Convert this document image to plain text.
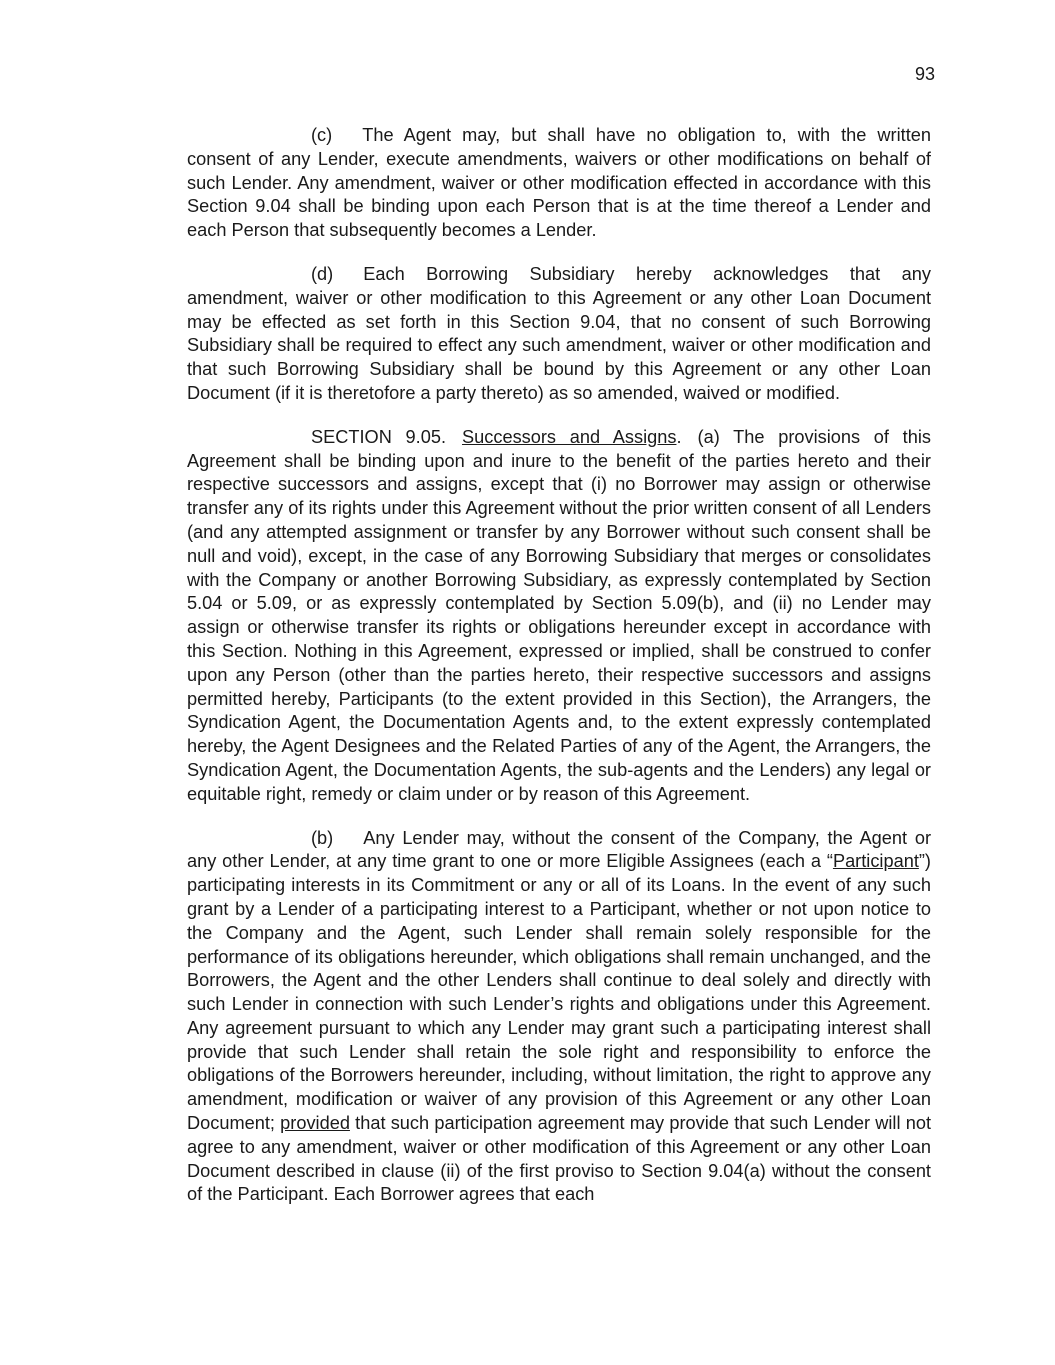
93

(c) The Agent may, but shall have no obligation to, with the written consent of any Lender, execute amendments, waivers or other modifications on behalf of such Lender. Any amendment, waiver or other modification effected in accordance with this Section 9.04 shall be binding upon each Person that is at the time thereof a Lender and each Person that subsequently becomes a Lender.

(d) Each Borrowing Subsidiary hereby acknowledges that any amendment, waiver or other modification to this Agreement or any other Loan Document may be effected as set forth in this Section 9.04, that no consent of such Borrowing Subsidiary shall be required to effect any such amendment, waiver or other modification and that such Borrowing Subsidiary shall be bound by this Agreement or any other Loan Document (if it is theretofore a party thereto) as so amended, waived or modified.

SECTION 9.05. Successors and Assigns. (a) The provisions of this Agreement shall be binding upon and inure to the benefit of the parties hereto and their respective successors and assigns, except that (i) no Borrower may assign or otherwise transfer any of its rights under this Agreement without the prior written consent of all Lenders (and any attempted assignment or transfer by any Borrower without such consent shall be null and void), except, in the case of any Borrowing Subsidiary that merges or consolidates with the Company or another Borrowing Subsidiary, as expressly contemplated by Section 5.04 or 5.09, or as expressly contemplated by Section 5.09(b), and (ii) no Lender may assign or otherwise transfer its rights or obligations hereunder except in accordance with this Section. Nothing in this Agreement, expressed or implied, shall be construed to confer upon any Person (other than the parties hereto, their respective successors and assigns permitted hereby, Participants (to the extent provided in this Section), the Arrangers, the Syndication Agent, the Documentation Agents and, to the extent expressly contemplated hereby, the Agent Designees and the Related Parties of any of the Agent, the Arrangers, the Syndication Agent, the Documentation Agents, the sub-agents and the Lenders) any legal or equitable right, remedy or claim under or by reason of this Agreement.

(b) Any Lender may, without the consent of the Company, the Agent or any other Lender, at any time grant to one or more Eligible Assignees (each a “Participant”) participating interests in its Commitment or any or all of its Loans. In the event of any such grant by a Lender of a participating interest to a Participant, whether or not upon notice to the Company and the Agent, such Lender shall remain solely responsible for the performance of its obligations hereunder, which obligations shall remain unchanged, and the Borrowers, the Agent and the other Lenders shall continue to deal solely and directly with such Lender in connection with such Lender’s rights and obligations under this Agreement. Any agreement pursuant to which any Lender may grant such a participating interest shall provide that such Lender shall retain the sole right and responsibility to enforce the obligations of the Borrowers hereunder, including, without limitation, the right to approve any amendment, modification or waiver of any provision of this Agreement or any other Loan Document; provided that such participation agreement may provide that such Lender will not agree to any amendment, waiver or other modification of this Agreement or any other Loan Document described in clause (ii) of the first proviso to Section 9.04(a) without the consent of the Participant. Each Borrower agrees that each
